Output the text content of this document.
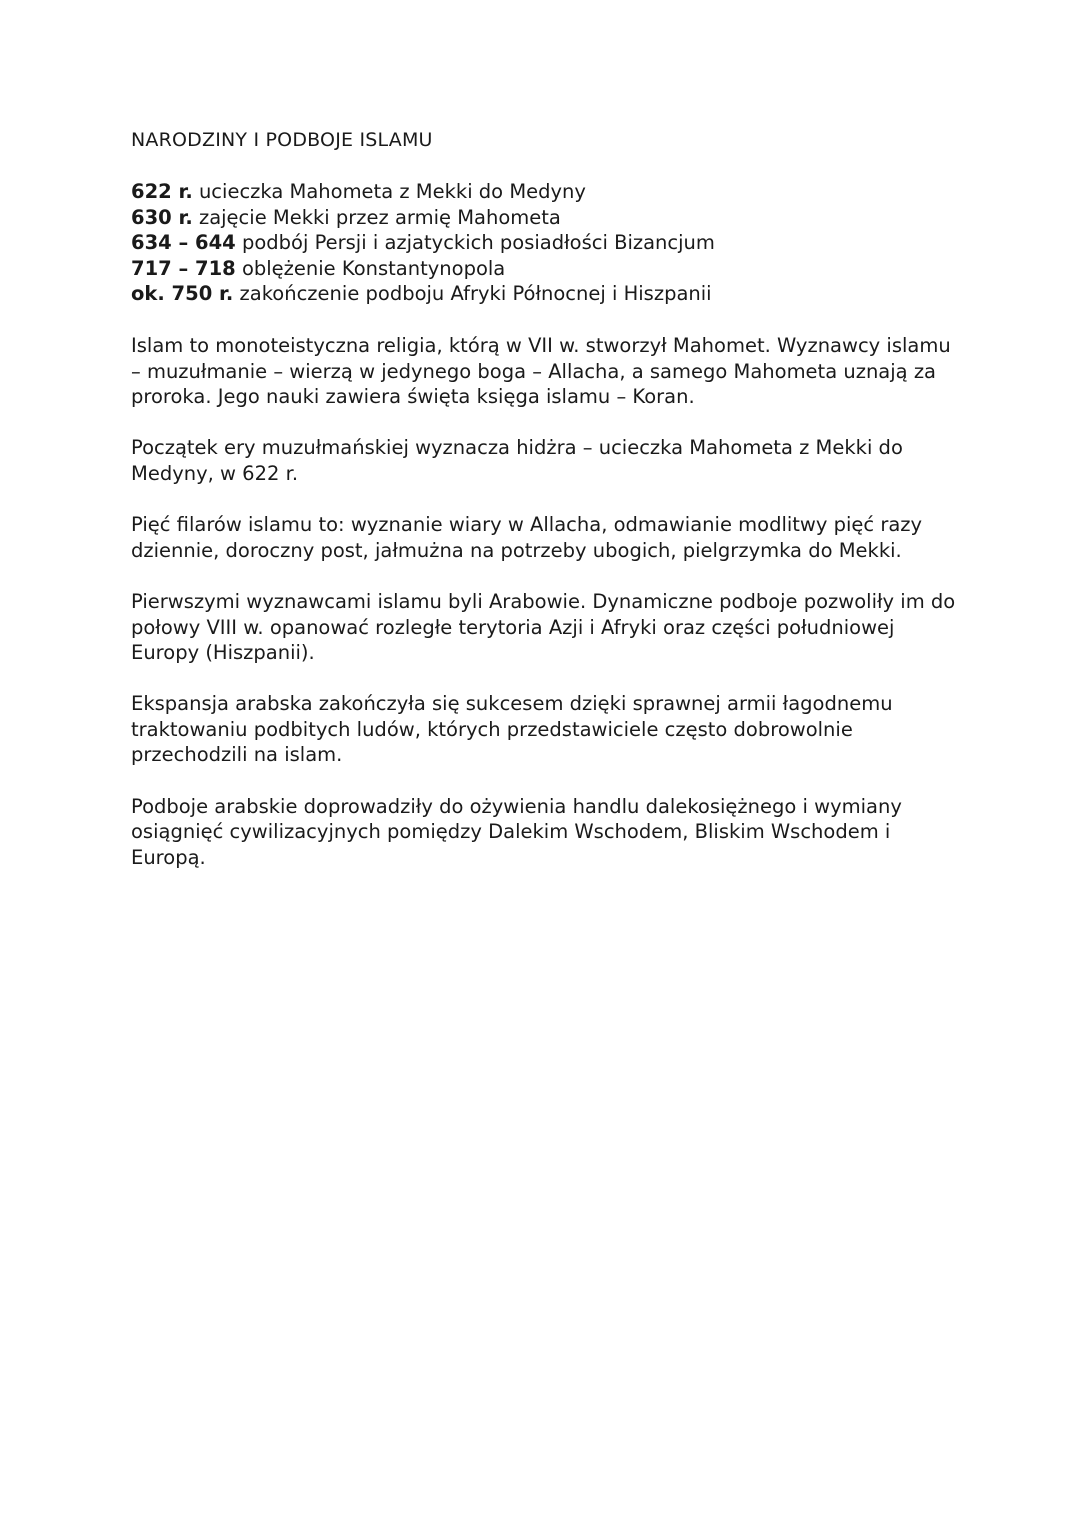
NARODZINY I PODBOJE ISLAMU
622 r. ucieczka Mahometa z Mekki do Medyny
630 r. zajęcie Mekki przez armię Mahometa
634 – 644 podbój Persji i azjatyckich posiadłości Bizancjum
717 – 718 oblężenie Konstantynopola
ok. 750 r. zakończenie podboju Afryki Północnej i Hiszpanii

Islam to monoteistyczna religia, którą w VII w. stworzył Mahomet. Wyznawcy islamu – muzułmanie – wierzą w jedynego boga – Allacha, a samego Mahometa uznają za proroka. Jego nauki zawiera święta księga islamu – Koran.

Początek ery muzułmańskiej wyznacza hidżra – ucieczka Mahometa z Mekki do Medyny, w 622 r.

Pięć filarów islamu to: wyznanie wiary w Allacha, odmawianie modlitwy pięć razy dziennie, doroczny post, jałmużna na potrzeby ubogich, pielgrzymka do Mekki.

Pierwszymi wyznawcami islamu byli Arabowie. Dynamiczne podboje pozwoliły im do połowy VIII w. opanować rozległe terytoria Azji i Afryki oraz części południowej Europy (Hiszpanii).

Ekspansja arabska zakończyła się sukcesem dzięki sprawnej armii łagodnemu traktowaniu podbitych ludów, których przedstawiciele często dobrowolnie przechodzili na islam.

Podboje arabskie doprowadziły do ożywienia handlu dalekosiężnego i wymiany osiągnięć cywilizacyjnych pomiędzy Dalekim Wschodem, Bliskim Wschodem i Europą.
